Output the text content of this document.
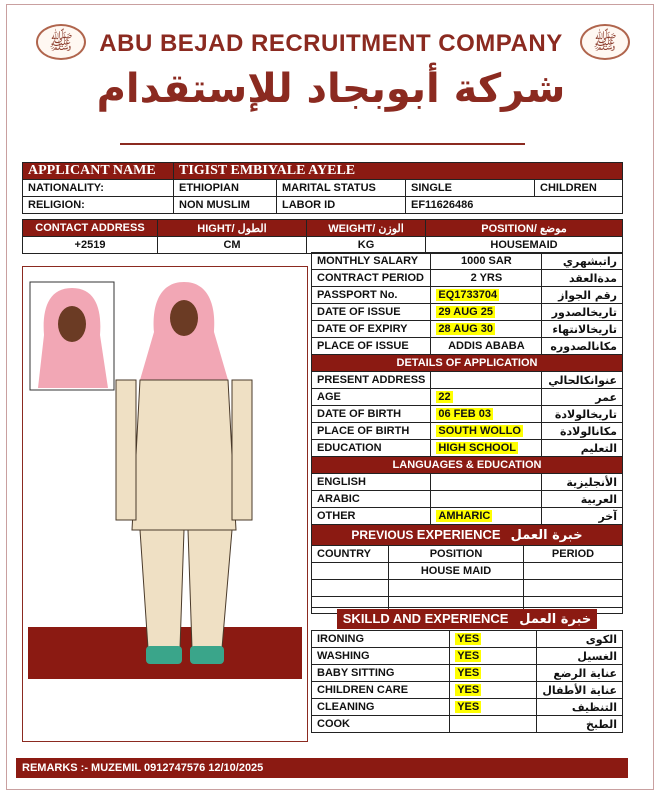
ﷺ	ﷺ
ABU BEJAD RECRUITMENT COMPANY
شركة أبوبجاد للإستقدام
APPLICANT NAME	TIGIST EMBIYALE AYELE			
NATIONALITY:	ETHIOPIAN	MARITAL STATUS	SINGLE	CHILDREN
RELIGION:	NON MUSLIM	LABOR ID	EF11626486	
CONTACT ADDRESS	HIGHT/ الطول	WEIGHT/ الوزن	POSITION/ موضع
+2519	CM	KG	HOUSEMAID
MONTHLY SALARY	1000 SAR	راتبشهري
CONTRACT PERIOD	2 YRS	مدةالعقد
PASSPORT No.	EQ1733704	رقم الجواز
DATE OF ISSUE	29 AUG 25	تاريخالصدور
DATE OF EXPIRY	28 AUG 30	تاريخالانتهاء
PLACE OF ISSUE	ADDIS ABABA	مكانالصدوره
DETAILS OF APPLICATION		
PRESENT ADDRESS		عنوانكالحالي
AGE	22	عمر
DATE OF BIRTH	06 FEB 03	تاريخالولادة
PLACE OF BIRTH	SOUTH WOLLO	مكانالولادة
EDUCATION	HIGH SCHOOL	التعليم
LANGUAGES & EDUCATION		
ENGLISH		الأنجليزية
ARABIC		العربية
OTHER	AMHARIC	آخر
PREVIOUS EXPERIENCE خبرة العمل		
COUNTRY	POSITION	PERIOD
	HOUSE MAID	

SKILLD AND EXPERIENCE خبرة العمل		
IRONING	YES	الكوى
WASHING	YES	الغسيل
BABY SITTING	YES	عناية الرضع
CHILDREN CARE	YES	عناية الأطفال
CLEANING	YES	التنظيف
COOK		الطبخ
REMARKS :- MUZEMIL 0912747576 12/10/2025
